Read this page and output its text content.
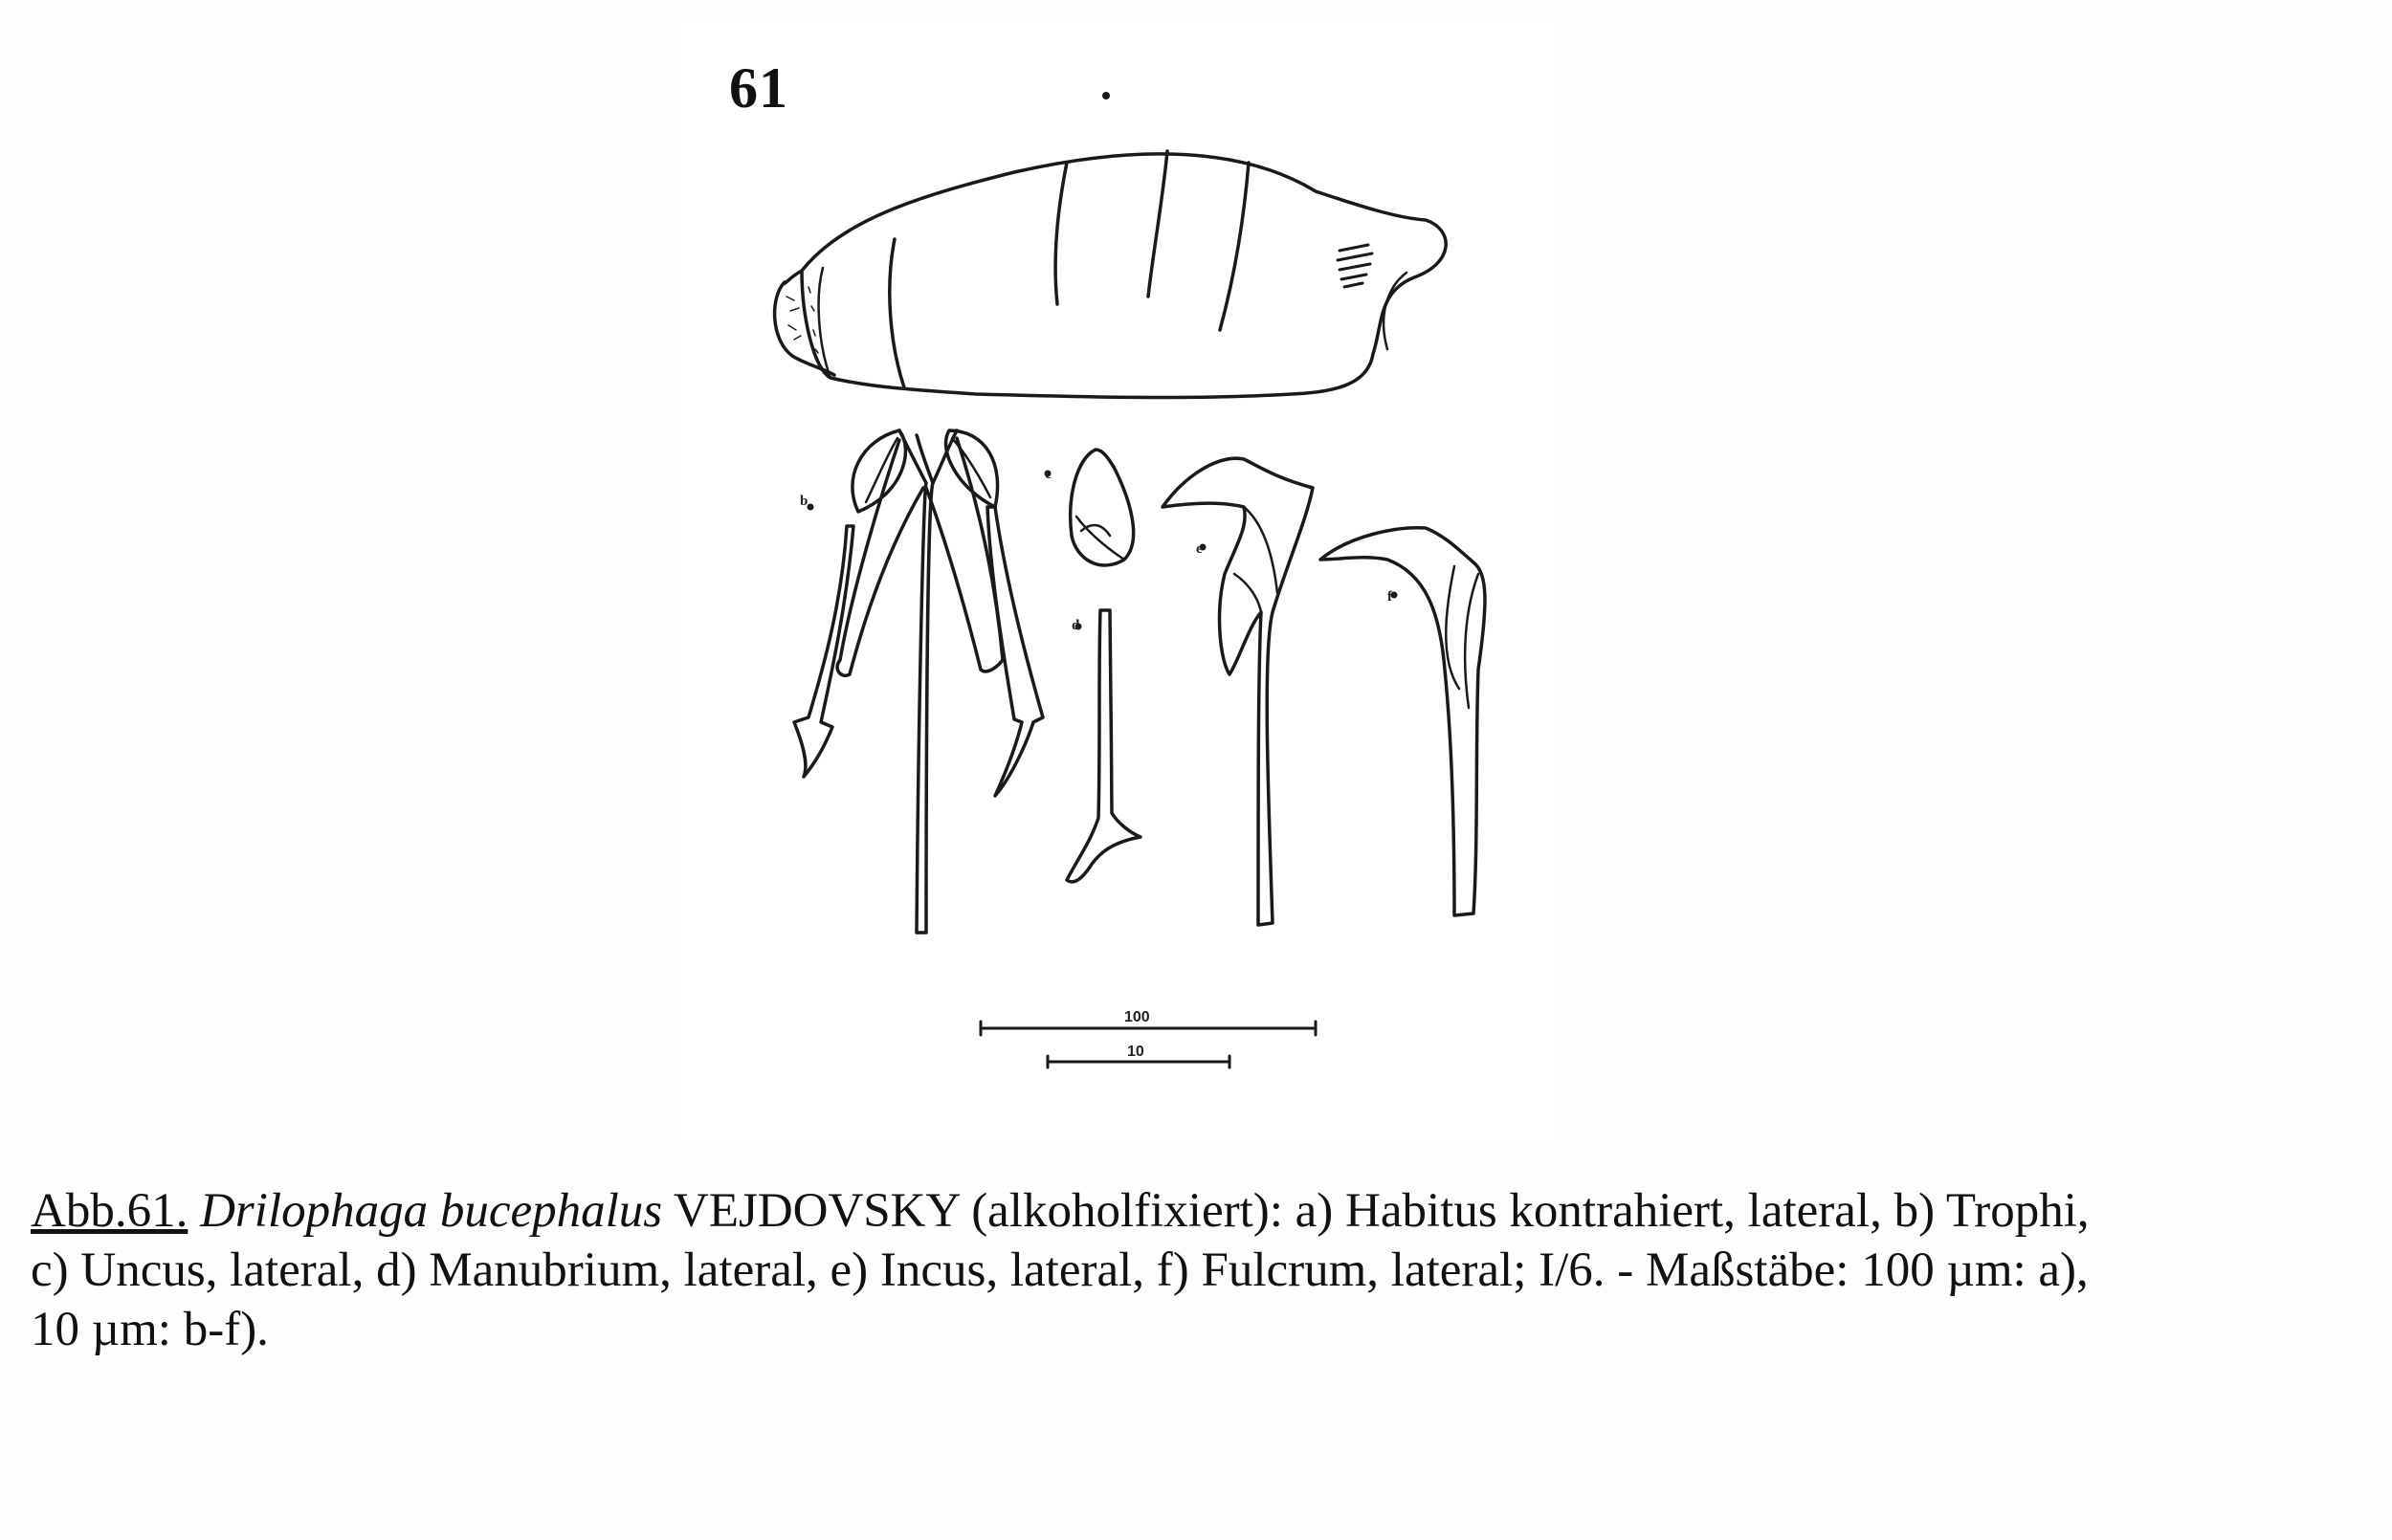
61
b
c
d
e
f
100
10
Abb.61. Drilophaga bucephalus VEJDOVSKY (alkoholfixiert): a) Habitus kontrahiert, lateral, b) Trophi,
c) Uncus, lateral, d) Manubrium, lateral, e) Incus, lateral, f) Fulcrum, lateral; I/6. - Maßstäbe: 100 µm: a),
10 µm: b-f).
